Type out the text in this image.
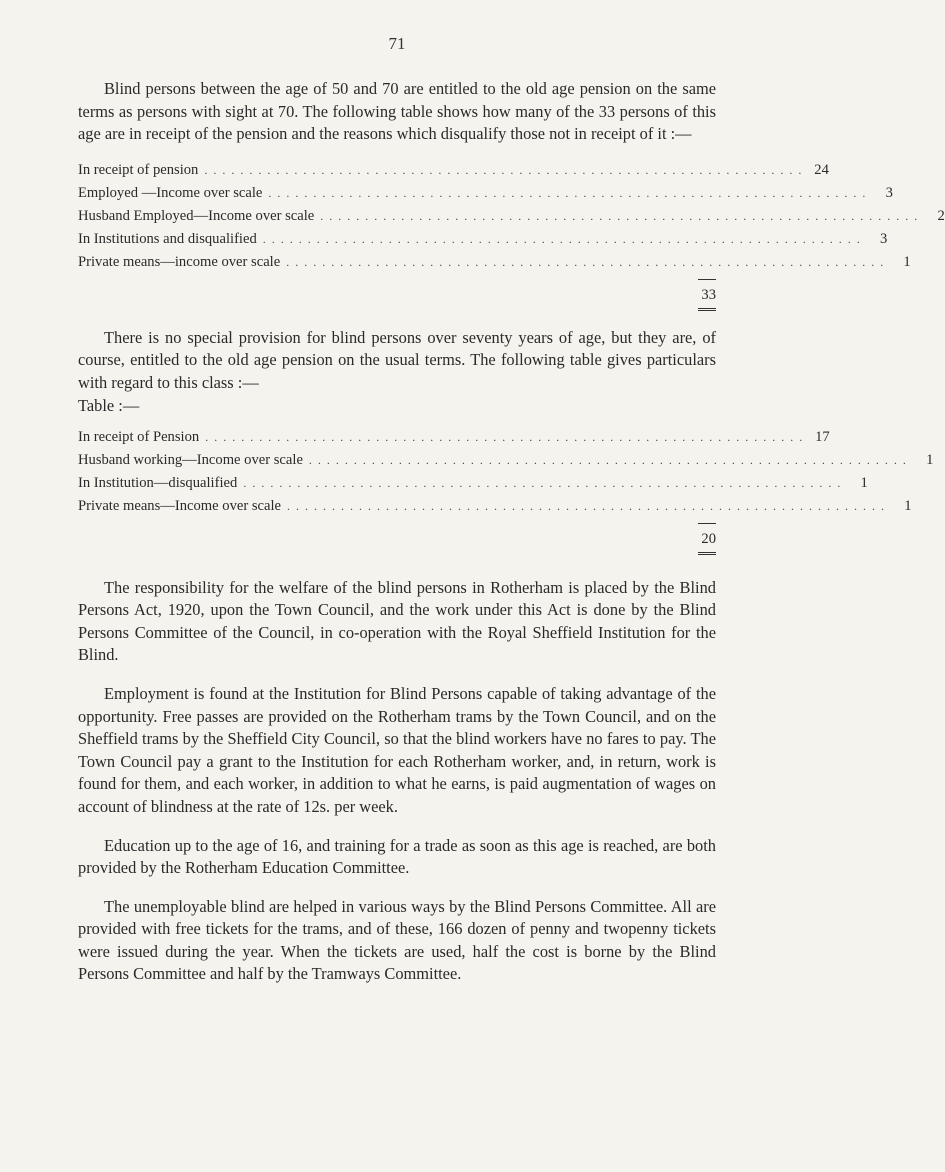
71

Blind persons between the age of 50 and 70 are entitled to the old age pension on the same terms as persons with sight at 70. The following table shows how many of the 33 persons of this age are in receipt of the pension and the reasons which disqualify those not in receipt of it :—

In receipt of pension . . . . . . . . . . . . . . . . . . . . . . . . . . . . . . . . . . . . . . . . . . . . . . . . . . . . . . . . . . . . . . . . . . . 24
Employed —Income over scale . . . . . . . . . . . . . . . . . . . . . . . . . . . . . . . . . . . . . . . . . . . . . . . . . . . . . . . . . . . . . . . . . . .	3
Husband Employed—Income over scale . . . . . . . . . . . . . . . . . . . . . . . . . . . . . . . . . . . . . . . . . . . . . . . . . . . . . . . . . . . . . . . . . . .	2
In Institutions and disqualified . . . . . . . . . . . . . . . . . . . . . . . . . . . . . . . . . . . . . . . . . . . . . . . . . . . . . . . . . . . . . . . . . . .	3
Private means—income over scale . . . . . . . . . . . . . . . . . . . . . . . . . . . . . . . . . . . . . . . . . . . . . . . . . . . . . . . . . . . . . . . . . . .	1
33

There is no special provision for blind persons over seventy years of age, but they are, of course, entitled to the old age pension on the usual terms. The following table gives particulars with regard to this class :—

Table :—
In receipt of Pension . . . . . . . . . . . . . . . . . . . . . . . . . . . . . . . . . . . . . . . . . . . . . . . . . . . . . . . . . . . . . . . . . . . 17
Husband working—Income over scale . . . . . . . . . . . . . . . . . . . . . . . . . . . . . . . . . . . . . . . . . . . . . . . . . . . . . . . . . . . . . . . . . . .	1
In Institution—disqualified . . . . . . . . . . . . . . . . . . . . . . . . . . . . . . . . . . . . . . . . . . . . . . . . . . . . . . . . . . . . . . . . . . .	1
Private means—Income over scale . . . . . . . . . . . . . . . . . . . . . . . . . . . . . . . . . . . . . . . . . . . . . . . . . . . . . . . . . . . . . . . . . . .	1
20

The responsibility for the welfare of the blind persons in Rotherham is placed by the Blind Persons Act, 1920, upon the Town Council, and the work under this Act is done by the Blind Persons Committee of the Council, in co-operation with the Royal Sheffield Institution for the Blind.

Employment is found at the Institution for Blind Persons capable of taking advantage of the opportunity. Free passes are provided on the Rotherham trams by the Town Council, and on the Sheffield trams by the Sheffield City Council, so that the blind workers have no fares to pay. The Town Council pay a grant to the Institution for each Rotherham worker, and, in return, work is found for them, and each worker, in addition to what he earns, is paid augmentation of wages on account of blindness at the rate of 12s. per week.

Education up to the age of 16, and training for a trade as soon as this age is reached, are both provided by the Rotherham Education Committee.

The unemployable blind are helped in various ways by the Blind Persons Committee. All are provided with free tickets for the trams, and of these, 166 dozen of penny and twopenny tickets were issued during the year. When the tickets are used, half the cost is borne by the Blind Persons Committee and half by the Tramways Committee.
